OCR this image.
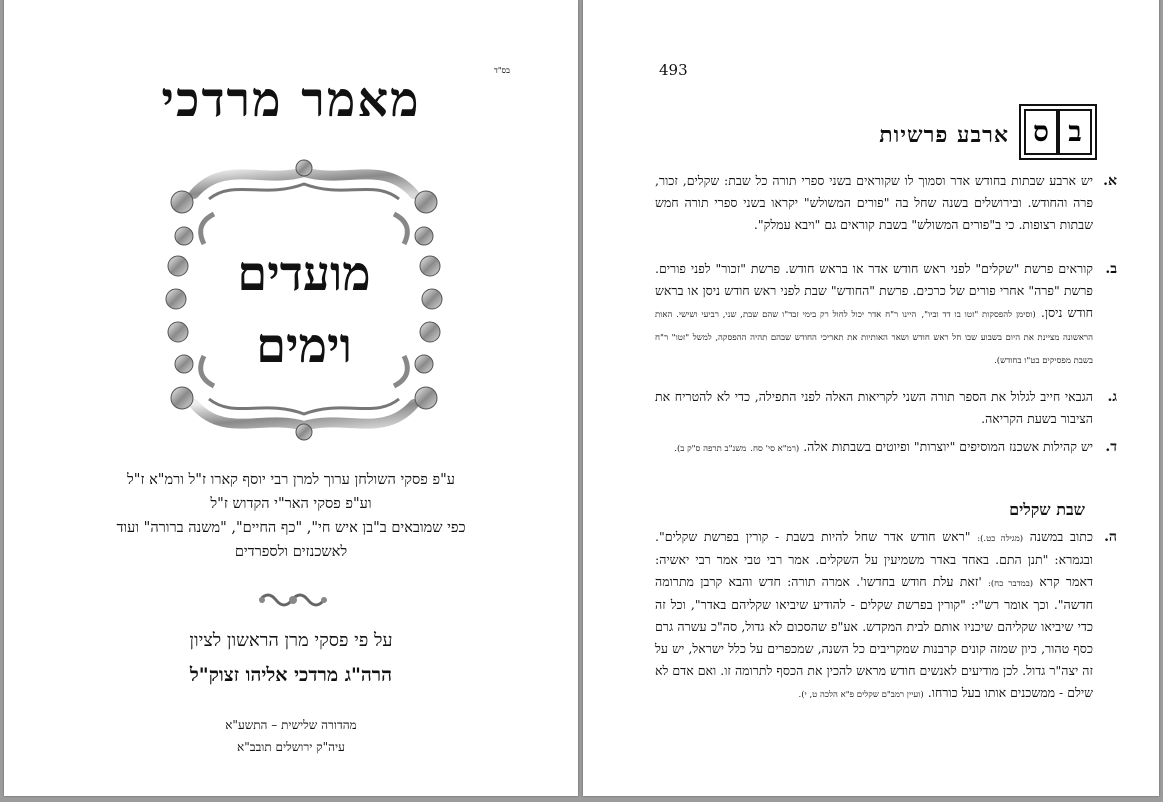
בס"ד
מאמר מרדכי
מועדים
וימים
ע"פ פסקי השולחן ערוך למרן רבי יוסף קארו ז"ל ורמ"א ז"ל
וע"פ פסקי האר"י הקדוש ז"ל
כפי שמובאים ב"בן איש חי", "כף החיים", "משנה ברורה" ועוד
לאשכנזים ולספרדים
על פי פסקי מרן הראשון לציון
הרה"ג מרדכי אליהו זצוק"ל
מהדורה שלישית – התשע"א
עיה"ק ירושלים תובב"א
493
ס ב
ארבע פרשיות
א.
יש ארבע שבתות בחודש אדר וסמוך לו שקוראים בשני ספרי תורה כל שבת: שקלים, זכור, פרה והחודש. ובירושלים בשנה שחל בה "פורים המשולש" יקראו בשני ספרי תורה חמש שבתות רצופות. כי ב"פורים המשולש" בשבת קוראים גם "ויבא עמלק".
ב.
קוראים פרשת "שקלים" לפני ראש חודש אדר או בראש חודש. פרשת "זכור" לפני פורים. פרשת "פרה" אחרי פורים של כרכים. פרשת "החודש" שבת לפני ראש חודש ניסן או בראש חודש ניסן. (וסימן להפסקות "זטו בו דד וביו", היינו ר"ח אדר יכול לחול רק בימי זבד"ו שהם שבת, שני, רביעי ושישי. האות הראשונה מציינת את היום בשבוע שבו חל ראש חודש ושאר האותיות את תאריכי החודש שבהם תהיה ההפסקה, למשל "זטו" ר"ח בשבת מפסיקים בט"ו בחודש).
ג.
הגבאי חייב לגלול את הספר תורה השני לקריאות האלה לפני התפילה, כדי לא להטריח את הציבור בשעת הקריאה.
ד.
יש קהילות אשכנז המוסיפים "יוצרות" ופיוטים בשבתות אלה. (רמ"א סי' סח. משנ"ב תרפה ס"ק ב).
שבת שקלים
ה.
כתוב במשנה (מגילה כט.): "ראש חודש אדר שחל להיות בשבת - קורין בפרשת שקלים". ובגמרא: "תנן התם. באחד באדר משמיעין על השקלים. אמר רבי טבי אמר רבי יאשיה: דאמר קרא (במדבר כח): 'זאת עלת חודש בחדשו'. אמרה תורה: חדש והבא קרבן מתרומה חדשה". וכך אומר רש"י: "קורין בפרשת שקלים - להודיע שיביאו שקליהם באדר", וכל זה כדי שיביאו שקליהם שיכניו אותם לבית המקדש. אע"פ שהסכום לא גדול, סה"כ עשרה גרם כסף טהור, כיון שמזה קונים קרבנות שמקריבים כל השנה, שמכפרים על כלל ישראל, יש על זה יצה"ר גדול. לכן מודיעים לאנשים חודש מראש להכין את הכסף לתרומה זו. ואם אדם לא שילם - ממשכנים אותו בעל כורחו. (ועיין רמב"ם שקלים פ"א הלכה ט, י).
